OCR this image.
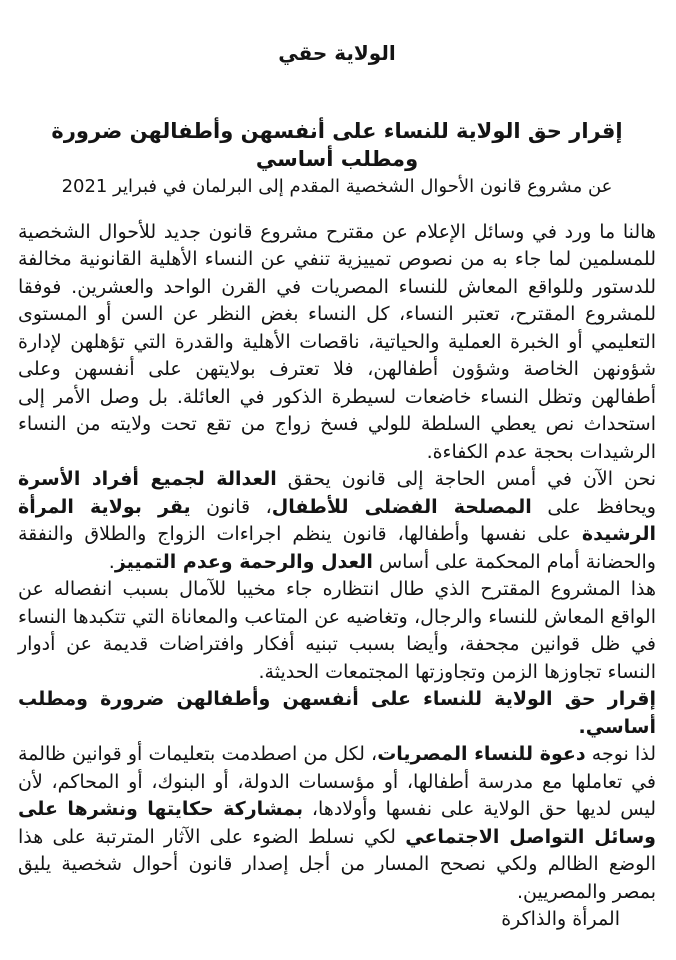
الولاية حقي
إقرار حق الولاية للنساء على أنفسهن وأطفالهن ضرورة ومطلب أساسي
عن مشروع قانون الأحوال الشخصية المقدم إلى البرلمان في فبراير 2021

هالنا ما ورد في وسائل الإعلام عن مقترح مشروع قانون جديد للأحوال الشخصية للمسلمين لما جاء به من نصوص تمييزية تنفي عن النساء الأهلية القانونية مخالفة للدستور وللواقع المعاش للنساء المصريات في القرن الواحد والعشرين. فوفقا للمشروع المقترح، تعتبر النساء، كل النساء بغض النظر عن السن أو المستوى التعليمي أو الخبرة العملية والحياتية، ناقصات الأهلية والقدرة التي تؤهلهن لإدارة شؤونهن الخاصة وشؤون أطفالهن، فلا تعترف بولايتهن على أنفسهن وعلى أطفالهن وتظل النساء خاضعات لسيطرة الذكور في العائلة. بل وصل الأمر إلى استحداث نص يعطي السلطة للولي فسخ زواج من تقع تحت ولايته من النساء الرشيدات بحجة عدم الكفاءة.

نحن الآن في أمس الحاجة إلى قانون يحقق العدالة لجميع أفراد الأسرة ويحافظ على المصلحة الفضلى للأطفال، قانون يقر بولاية المرأة الرشيدة على نفسها وأطفالها، قانون ينظم اجراءات الزواج والطلاق والنفقة والحضانة أمام المحكمة على أساس العدل والرحمة وعدم التمييز.

هذا المشروع المقترح الذي طال انتظاره جاء مخيبا للآمال بسبب انفصاله عن الواقع المعاش للنساء والرجال، وتغاضيه عن المتاعب والمعاناة التي تتكبدها النساء في ظل قوانين مجحفة، وأيضا بسبب تبنيه أفكار وافتراضات قديمة عن أدوار النساء تجاوزها الزمن وتجاوزتها المجتمعات الحديثة.

إقرار حق الولاية للنساء على أنفسهن وأطفالهن ضرورة ومطلب أساسي.

لذا نوجه دعوة للنساء المصريات، لكل من اصطدمت بتعليمات أو قوانين ظالمة في تعاملها مع مدرسة أطفالها، أو مؤسسات الدولة، أو البنوك، أو المحاكم، لأن ليس لديها حق الولاية على نفسها وأولادها، بمشاركة حكايتها ونشرها على وسائل التواصل الاجتماعي لكي نسلط الضوء على الآثار المترتبة على هذا الوضع الظالم ولكي نصحح المسار من أجل إصدار قانون أحوال شخصية يليق بمصر والمصريين.

المرأة والذاكرة
